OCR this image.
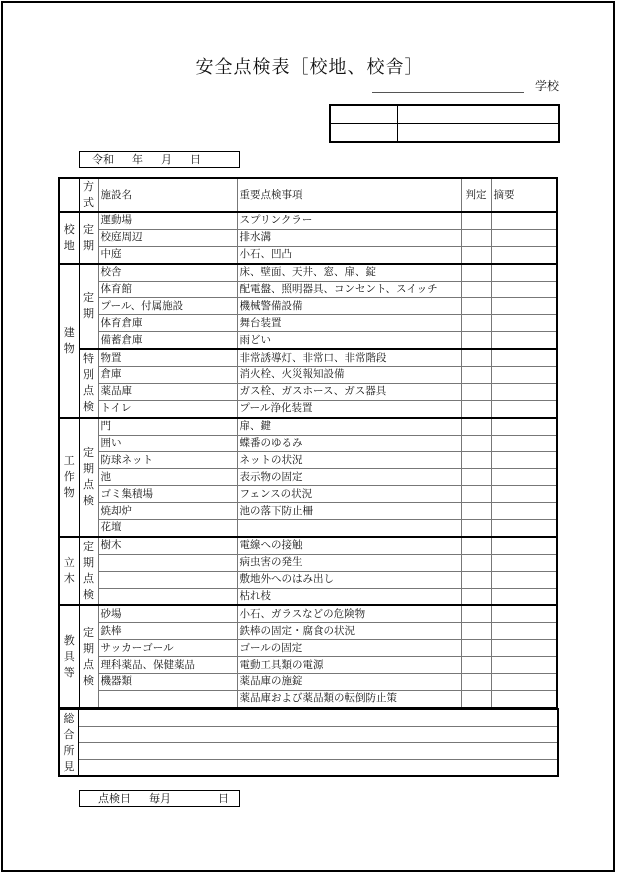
安全点検表［校地、校舎］
学校

令和 　 年 　 月 　 日
	方式	施設名	重要点検事項	判定	摘要
校地	定期	運動場	スプリンクラー		
		校庭周辺	排水溝		
		中庭	小石、凹凸		
建物	定期	校舎	床、壁面、天井、窓、扉、錠		
		体育館	配電盤、照明器具、コンセント、スイッチ		
		プール、付属施設	機械警備設備		
		体育倉庫	舞台装置		
		備蓄倉庫	雨どい		
	特別点検	物置	非常誘導灯、非常口、非常階段		
		倉庫	消火栓、火災報知設備		
		薬品庫	ガス栓、ガスホース、ガス器具		
		トイレ	プール浄化装置		
工作物	定期点検	門	扉、鍵		
		囲い	蝶番のゆるみ		
		防球ネット	ネットの状況		
		池	表示物の固定		
		ゴミ集積場	フェンスの状況		
		焼却炉	池の落下防止柵		
		花壇			
立木	定期点検	樹木	電線への接触		
			病虫害の発生		
			敷地外へのはみ出し		
			枯れ枝		
教具等	定期点検	砂場	小石、ガラスなどの危険物		
		鉄棒	鉄棒の固定・腐食の状況		
		サッカーゴール	ゴールの固定		
		理科薬品、保健薬品	電動工具類の電源		
		機器類	薬品庫の施錠		
			薬品庫および薬品類の転倒防止策		
総合所見	

点検日 　 毎月 　 　 　 日
